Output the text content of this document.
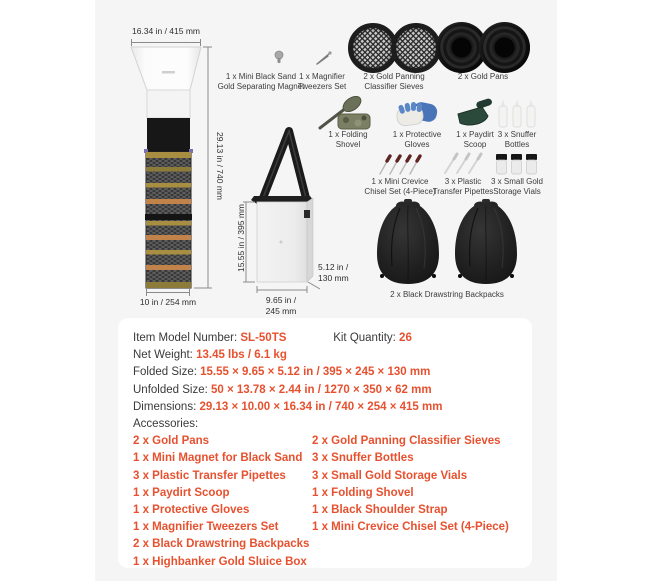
16.34 in / 415 mm
29.13 in / 740 mm
10 in / 254 mm
15.55 in / 395 mm
9.65 in /
245 mm
5.12 in /
130 mm
1 x Mini Black Sand
Gold Separating Magnet
1 x Magnifier
Tweezers Set
2 x Gold Panning
Classifier Sieves
2 x Gold Pans
1 x Folding
Shovel
1 x Protective
Gloves
1 x Paydirt
Scoop
3 x Snuffer
Bottles
1 x Mini Crevice
Chisel Set (4-Piece)
3 x Plastic
Transfer Pipettes
3 x Small Gold
Storage Vials
2 x Black Drawstring Backpacks
Item Model Number: SL-50TS	Kit Quantity: 26
Net Weight: 13.45 lbs / 6.1 kg
Folded Size: 15.55 × 9.65 × 5.12 in / 395 × 245 × 130 mm
Unfolded Size: 50 × 13.78 × 2.44 in / 1270 × 350 × 62 mm
Dimensions: 29.13 × 10.00 × 16.34 in / 740 × 254 × 415 mm
Accessories:
2 x Gold Pans
1 x Mini Magnet for Black Sand
3 x Plastic Transfer Pipettes
1 x Paydirt Scoop
1 x Protective Gloves
1 x Magnifier Tweezers Set
2 x Black Drawstring Backpacks
1 x Highbanker Gold Sluice Box
2 x Gold Panning Classifier Sieves
3 x Snuffer Bottles
3 x Small Gold Storage Vials
1 x Folding Shovel
1 x Black Shoulder Strap
1 x Mini Crevice Chisel Set (4-Piece)
